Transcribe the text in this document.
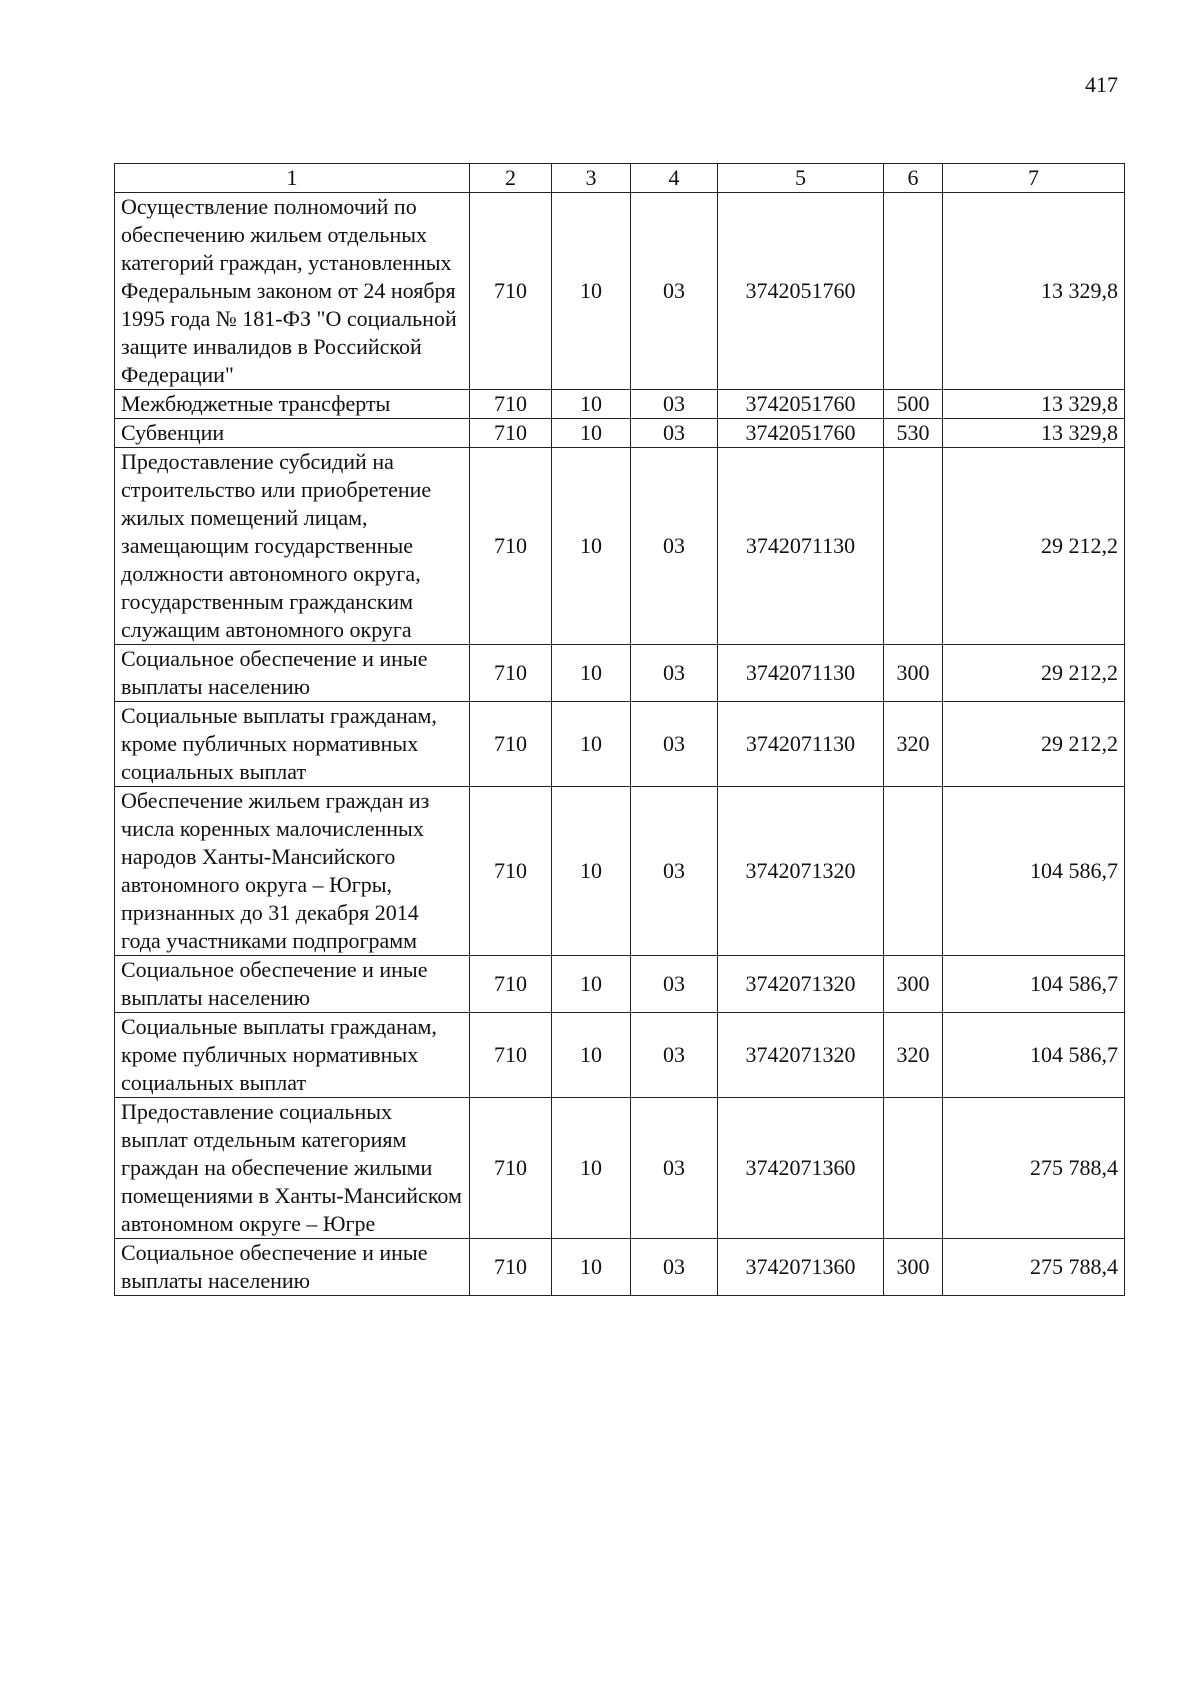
417
1	2	3	4	5	6	7
Осуществление полномочий по обеспечению жильем отдельных категорий граждан, установленных Федеральным законом от 24 ноября 1995 года № 181-ФЗ "О социальной защите инвалидов в Российской Федерации"	710	10	03	3742051760		13 329,8
Межбюджетные трансферты	710	10	03	3742051760	500	13 329,8
Субвенции	710	10	03	3742051760	530	13 329,8
Предоставление субсидий на строительство или приобретение жилых помещений лицам, замещающим государственные должности автономного округа, государственным гражданским служащим автономного округа	710	10	03	3742071130		29 212,2
Социальное обеспечение и иные выплаты населению	710	10	03	3742071130	300	29 212,2
Социальные выплаты гражданам, кроме публичных нормативных социальных выплат	710	10	03	3742071130	320	29 212,2
Обеспечение жильем граждан из числа коренных малочисленных народов Ханты-Мансийского автономного округа – Югры, признанных до 31 декабря 2014 года участниками подпрограмм	710	10	03	3742071320		104 586,7
Социальное обеспечение и иные выплаты населению	710	10	03	3742071320	300	104 586,7
Социальные выплаты гражданам, кроме публичных нормативных социальных выплат	710	10	03	3742071320	320	104 586,7
Предоставление социальных выплат отдельным категориям граждан на обеспечение жилыми помещениями в Ханты-Мансийском автономном округе – Югре	710	10	03	3742071360		275 788,4
Социальное обеспечение и иные выплаты населению	710	10	03	3742071360	300	275 788,4
